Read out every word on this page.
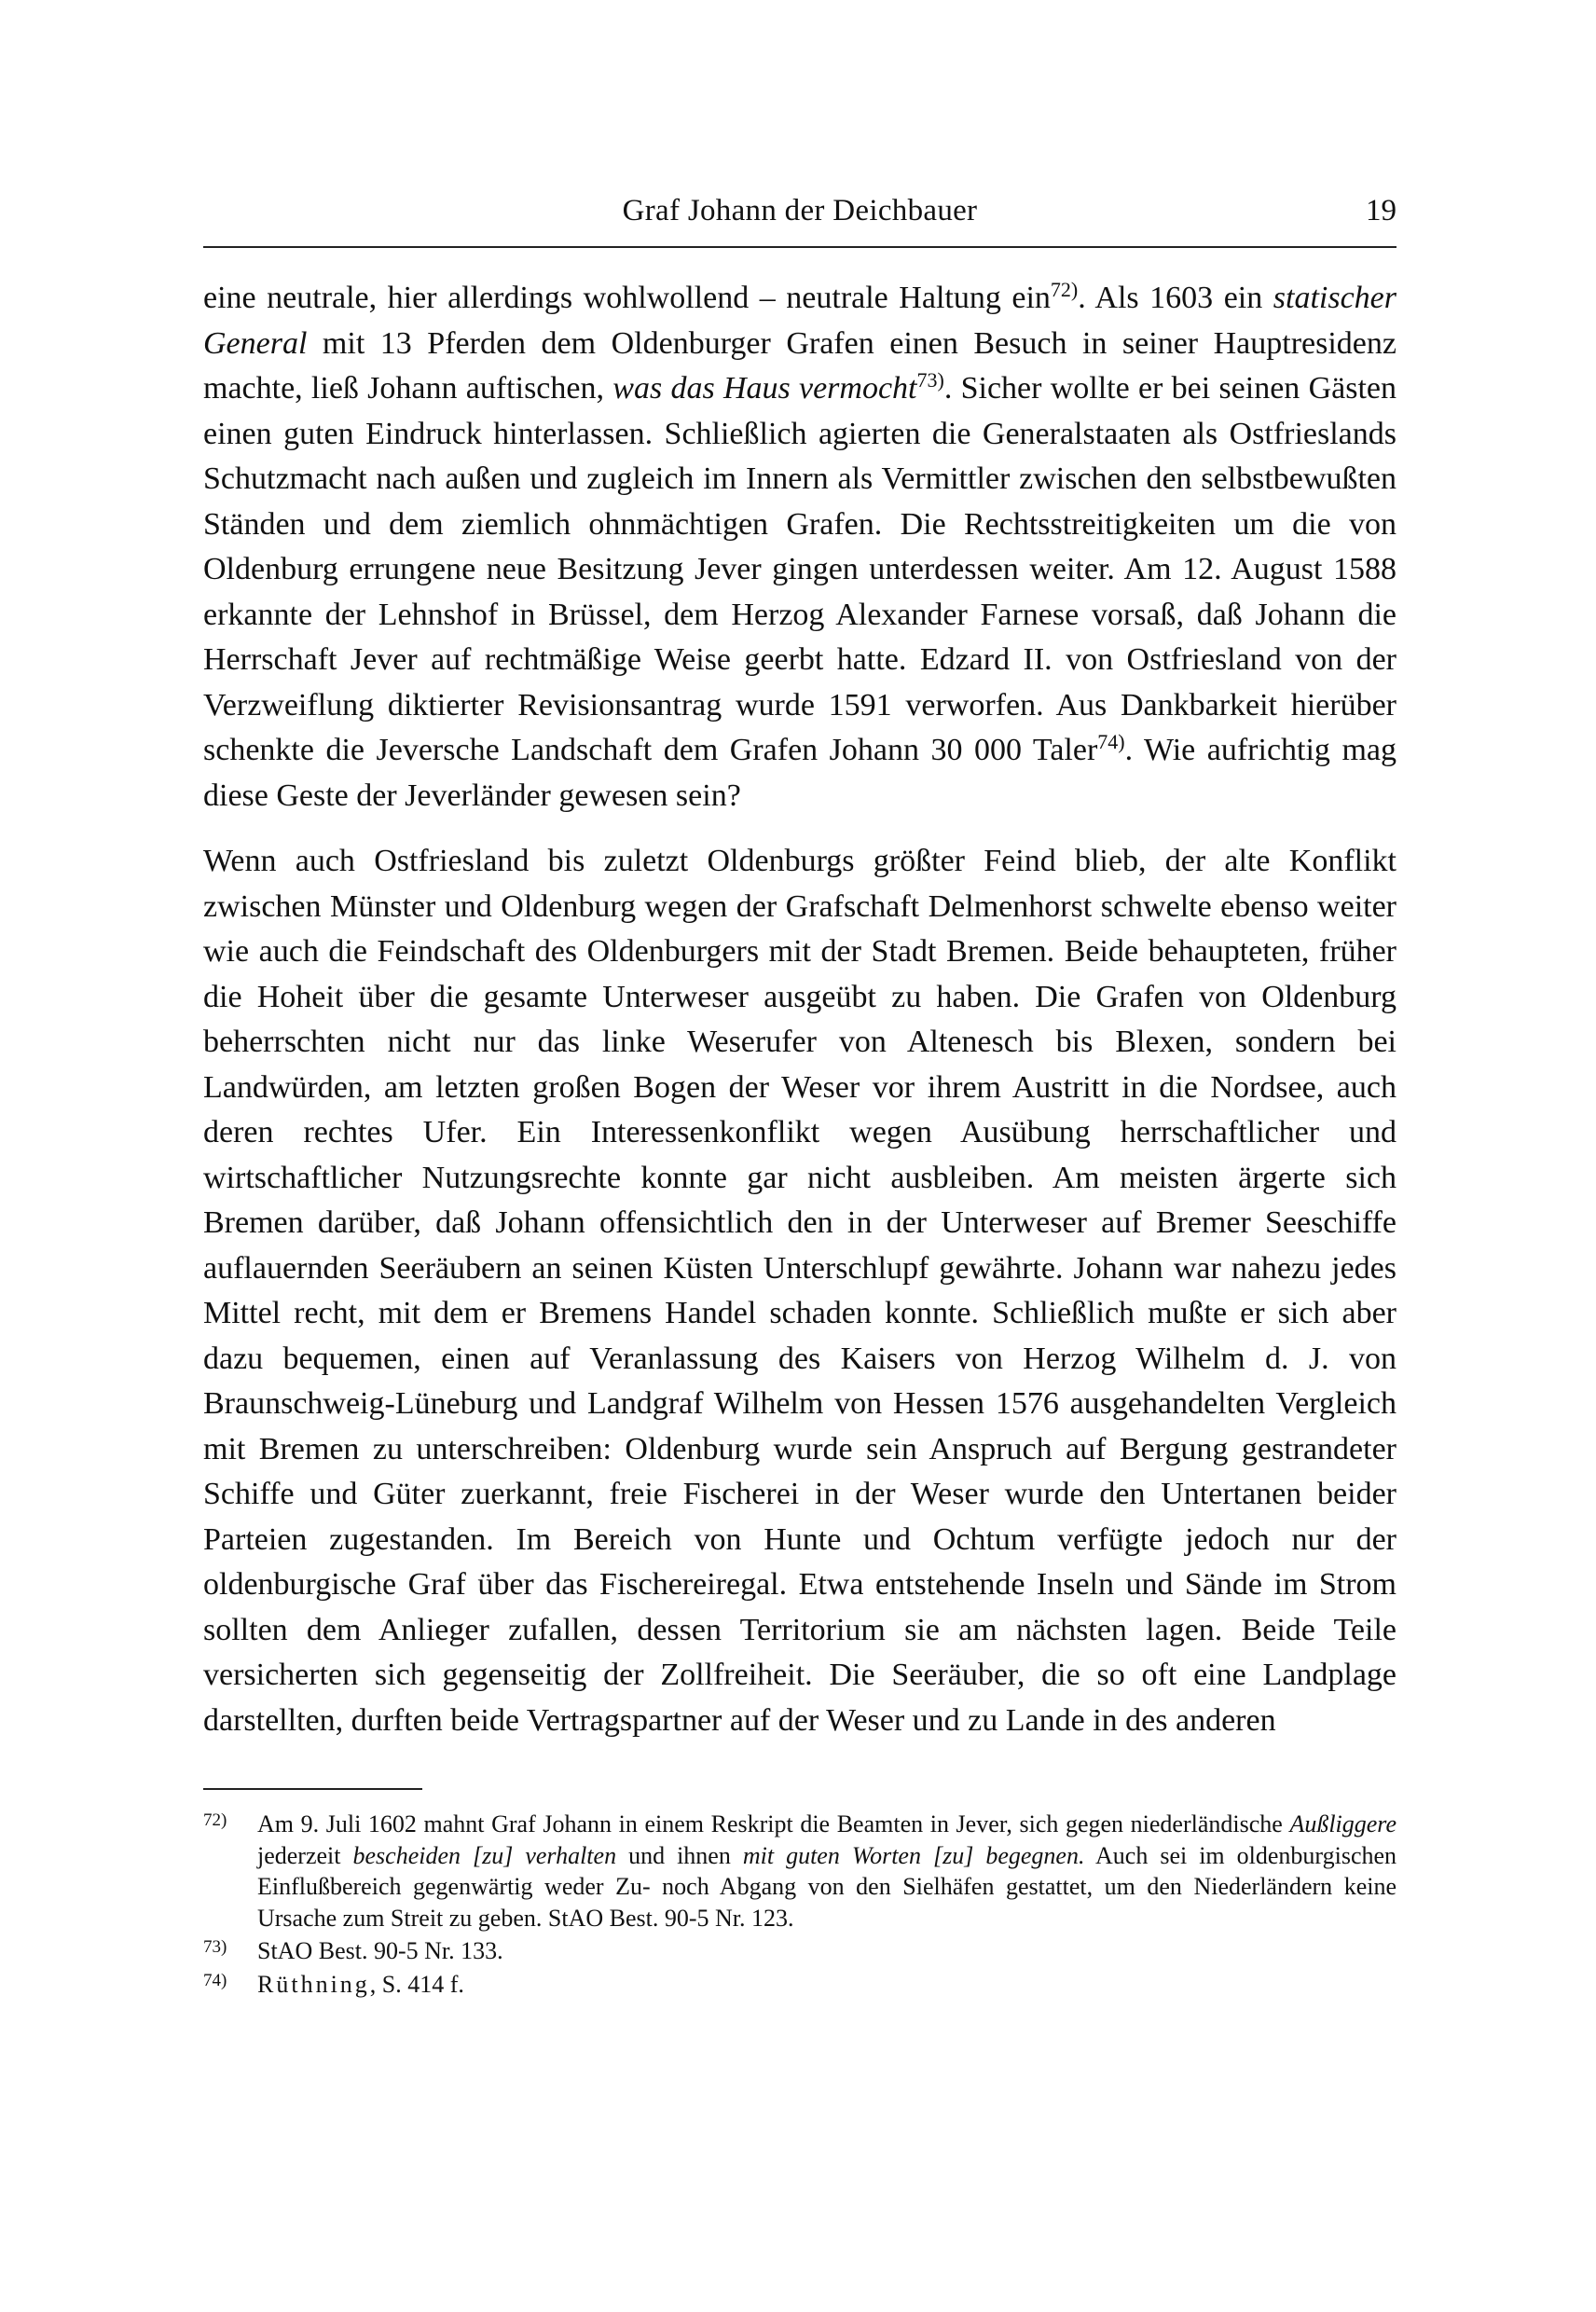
Graf Johann der Deichbauer	19

eine neutrale, hier allerdings wohlwollend – neutrale Haltung ein$^{72)}$. Als 1603 ein statischer General mit 13 Pferden dem Oldenburger Grafen einen Besuch in seiner Hauptresidenz machte, ließ Johann auftischen, was das Haus vermocht$^{73)}$. Sicher wollte er bei seinen Gästen einen guten Eindruck hinterlassen. Schließlich agierten die Generalstaaten als Ostfrieslands Schutzmacht nach außen und zugleich im Innern als Vermittler zwischen den selbstbewußten Ständen und dem ziemlich ohnmächtigen Grafen. Die Rechtsstreitigkeiten um die von Oldenburg errungene neue Besitzung Jever gingen unterdessen weiter. Am 12. August 1588 erkannte der Lehnshof in Brüssel, dem Herzog Alexander Farnese vorsaß, daß Johann die Herrschaft Jever auf rechtmäßige Weise geerbt hatte. Edzard II. von Ostfriesland von der Verzweiflung diktierter Revisionsantrag wurde 1591 verworfen. Aus Dankbarkeit hierüber schenkte die Jeversche Landschaft dem Grafen Johann 30 000 Taler$^{74)}$. Wie aufrichtig mag diese Geste der Jeverländer gewesen sein?

Wenn auch Ostfriesland bis zuletzt Oldenburgs größter Feind blieb, der alte Konflikt zwischen Münster und Oldenburg wegen der Grafschaft Delmenhorst schwelte ebenso weiter wie auch die Feindschaft des Oldenburgers mit der Stadt Bremen. Beide behaupteten, früher die Hoheit über die gesamte Unterweser ausgeübt zu haben. Die Grafen von Oldenburg beherrschten nicht nur das linke Weserufer von Altenesch bis Blexen, sondern bei Landwürden, am letzten großen Bogen der Weser vor ihrem Austritt in die Nordsee, auch deren rechtes Ufer. Ein Interessenkonflikt wegen Ausübung herrschaftlicher und wirtschaftlicher Nutzungsrechte konnte gar nicht ausbleiben. Am meisten ärgerte sich Bremen darüber, daß Johann offensichtlich den in der Unterweser auf Bremer Seeschiffe auflauernden Seeräubern an seinen Küsten Unterschlupf gewährte. Johann war nahezu jedes Mittel recht, mit dem er Bremens Handel schaden konnte. Schließlich mußte er sich aber dazu bequemen, einen auf Veranlassung des Kaisers von Herzog Wilhelm d. J. von Braunschweig-Lüneburg und Landgraf Wilhelm von Hessen 1576 ausgehandelten Vergleich mit Bremen zu unterschreiben: Oldenburg wurde sein Anspruch auf Bergung gestrandeter Schiffe und Güter zuerkannt, freie Fischerei in der Weser wurde den Untertanen beider Parteien zugestanden. Im Bereich von Hunte und Ochtum verfügte jedoch nur der oldenburgische Graf über das Fischereiregal. Etwa entstehende Inseln und Sände im Strom sollten dem Anlieger zufallen, dessen Territorium sie am nächsten lagen. Beide Teile versicherten sich gegenseitig der Zollfreiheit. Die Seeräuber, die so oft eine Landplage darstellten, durften beide Vertragspartner auf der Weser und zu Lande in des anderen

72) Am 9. Juli 1602 mahnt Graf Johann in einem Reskript die Beamten in Jever, sich gegen niederländische Außliggere jederzeit bescheiden [zu] verhalten und ihnen mit guten Worten [zu] begegnen. Auch sei im oldenburgischen Einflußbereich gegenwärtig weder Zu- noch Abgang von den Sielhäfen gestattet, um den Niederländern keine Ursache zum Streit zu geben. StAO Best. 90-5 Nr. 123.

73) StAO Best. 90-5 Nr. 133.

74) Rüthning, S. 414 f.
